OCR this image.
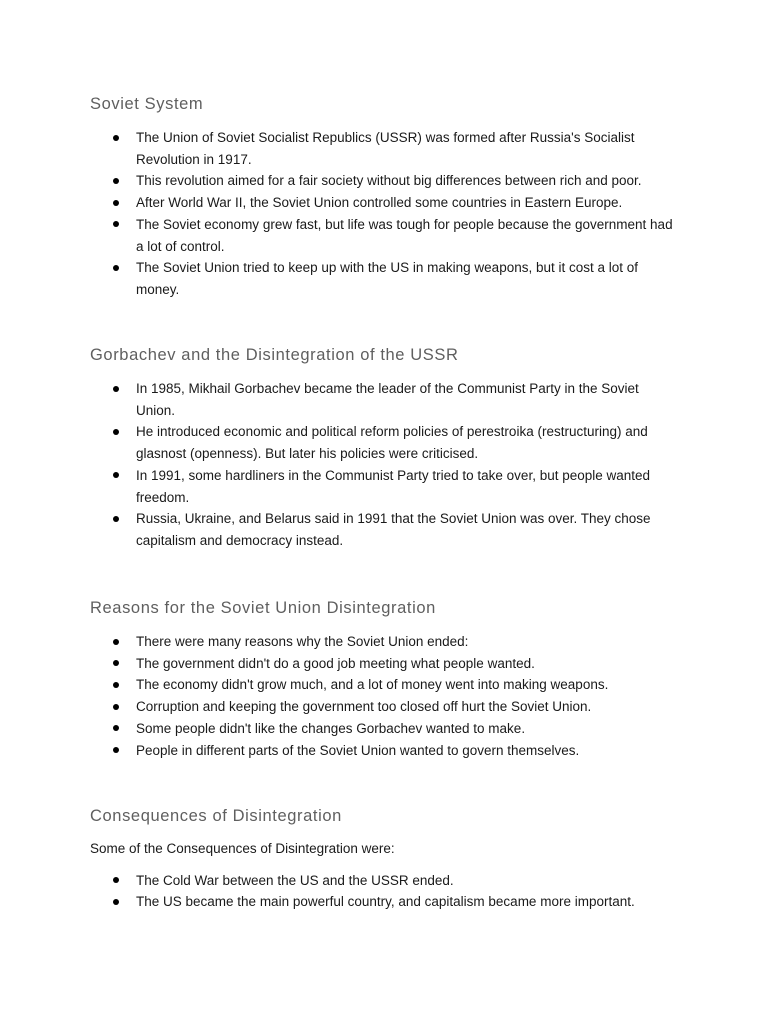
Soviet System
The Union of Soviet Socialist Republics (USSR) was formed after Russia's Socialist Revolution in 1917.
This revolution aimed for a fair society without big differences between rich and poor.
After World War II, the Soviet Union controlled some countries in Eastern Europe.
The Soviet economy grew fast, but life was tough for people because the government had a lot of control.
The Soviet Union tried to keep up with the US in making weapons, but it cost a lot of money.
Gorbachev and the Disintegration of the USSR
In 1985, Mikhail Gorbachev became the leader of the Communist Party in the Soviet Union.
He introduced economic and political reform policies of perestroika (restructuring) and glasnost (openness). But later his policies were criticised.
In 1991, some hardliners in the Communist Party tried to take over, but people wanted freedom.
Russia, Ukraine, and Belarus said in 1991 that the Soviet Union was over. They chose capitalism and democracy instead.
Reasons for the Soviet Union Disintegration
There were many reasons why the Soviet Union ended:
The government didn't do a good job meeting what people wanted.
The economy didn't grow much, and a lot of money went into making weapons.
Corruption and keeping the government too closed off hurt the Soviet Union.
Some people didn't like the changes Gorbachev wanted to make.
People in different parts of the Soviet Union wanted to govern themselves.
Consequences of Disintegration

Some of the Consequences of Disintegration were:

The Cold War between the US and the USSR ended.
The US became the main powerful country, and capitalism became more important.
